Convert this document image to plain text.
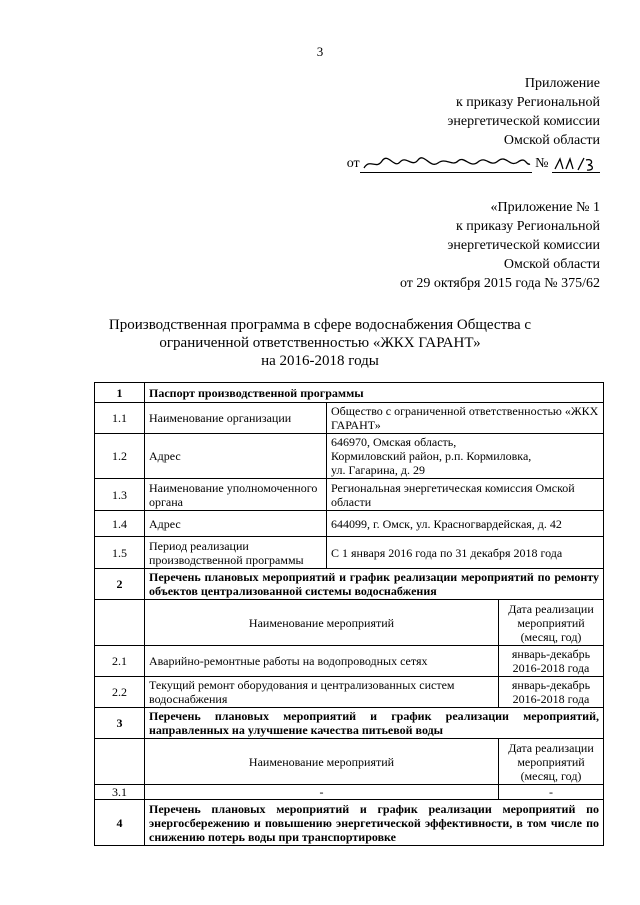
3
Приложение
к приказу Региональной
энергетической комиссии
Омской области
от	№
«Приложение № 1
к приказу Региональной
энергетической комиссии
Омской области
от 29 октября 2015 года № 375/62
Производственная программа в сфере водоснабжения Общества с
ограниченной ответственностью «ЖКХ ГАРАНТ»
на 2016-2018 годы
1	Паспорт производственной программы		
1.1	Наименование организации	Общество с ограниченной ответственностью «ЖКХ ГАРАНТ»	
1.2	Адрес	646970, Омская область,
Кормиловский район, р.п. Кормиловка,
ул. Гагарина, д. 29	

1.3	Наименование уполномоченного органа	Региональная энергетическая комиссия Омской области	
1.4	Адрес	644099, г. Омск, ул. Красногвардейская, д. 42	
1.5	Период реализации производственной программы	С 1 января 2016 года по 31 декабря 2018 года	
2	Перечень плановых мероприятий и график реализации мероприятий по ремонту объектов централизованной системы водоснабжения		
	Наименование мероприятий		Дата реализации мероприятий (месяц, год)
2.1	Аварийно-ремонтные работы на водопроводных сетях		январь-декабрь 2016-2018 года
2.2	Текущий ремонт оборудования и централизованных систем водоснабжения		январь-декабрь 2016-2018 года
3	Перечень плановых мероприятий и график реализации мероприятий, направленных на улучшение качества питьевой воды		
	Наименование мероприятий		Дата реализации мероприятий (месяц, год)
3.1	-		-
4	Перечень плановых мероприятий и график реализации мероприятий по энергосбережению и повышению энергетической эффективности, в том числе по снижению потерь воды при транспортировке		
